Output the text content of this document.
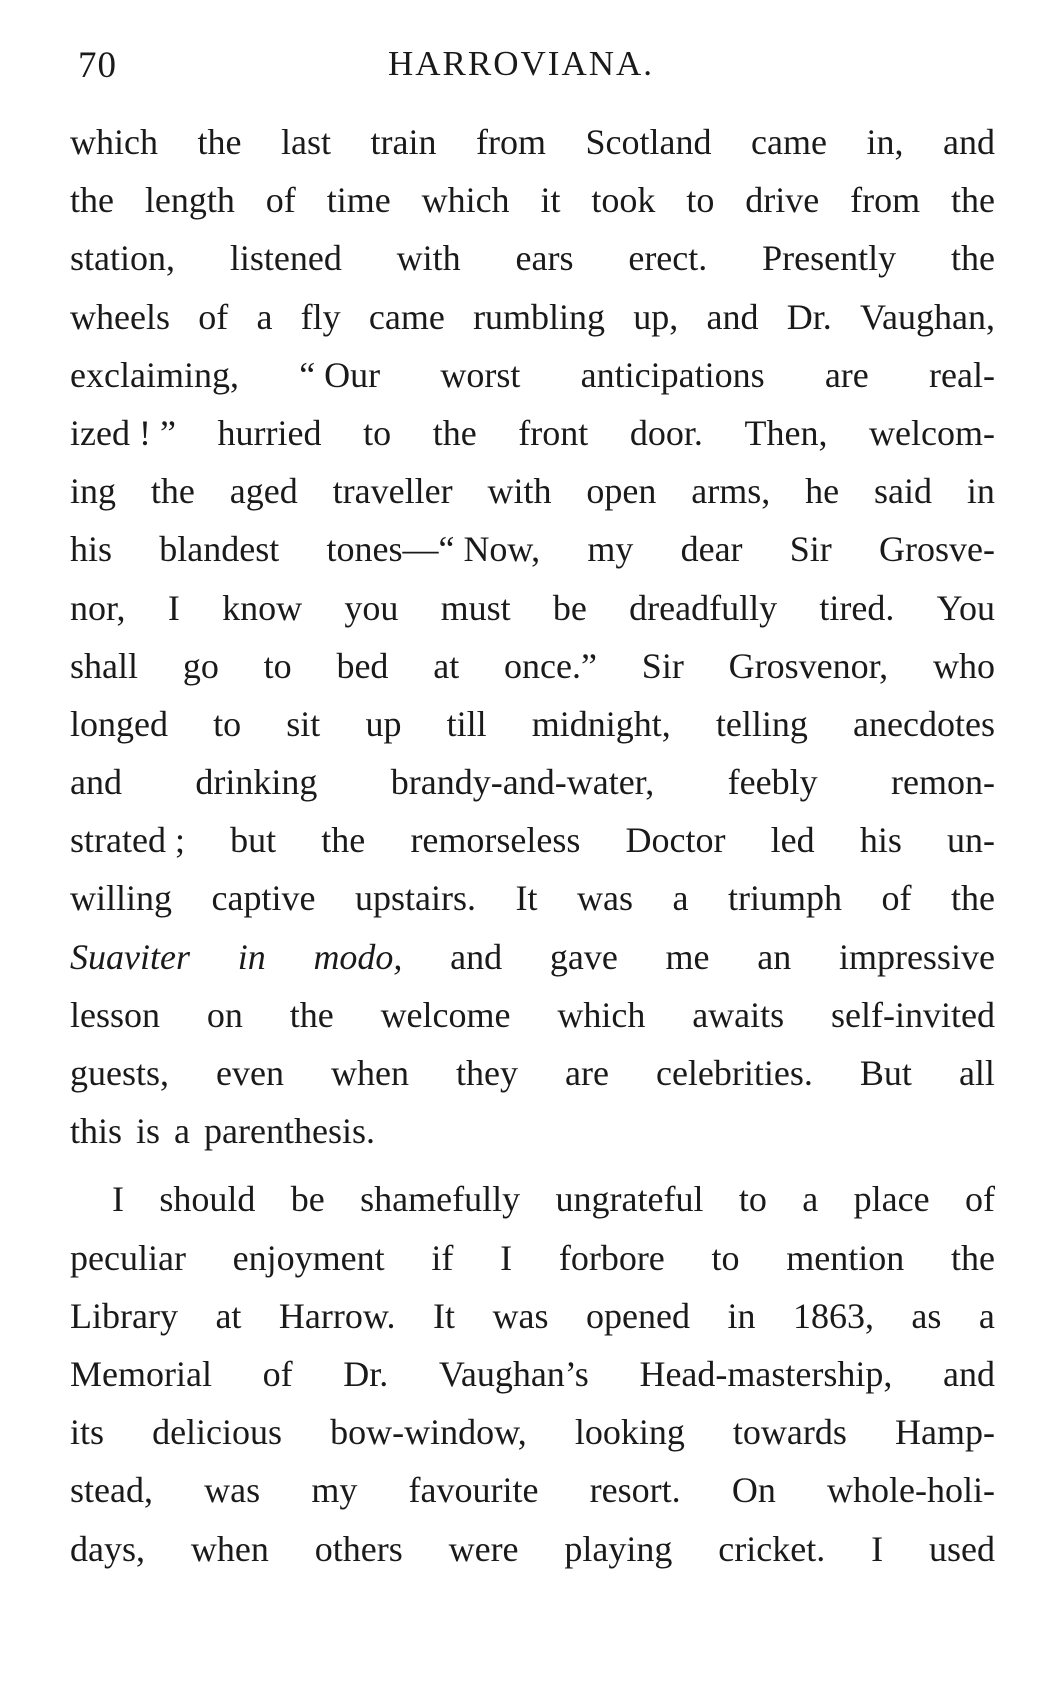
70	HARROVIANA.
which the last train from Scotland came in, and
the length of time which it took to drive from the
station, listened with ears erect. Presently the
wheels of a fly came rumbling up, and Dr. Vaughan,
exclaiming, “ Our worst anticipations are real-
ized ! ” hurried to the front door. Then, welcom-
ing the aged traveller with open arms, he said in
his blandest tones—“ Now, my dear Sir Grosve-
nor, I know you must be dreadfully tired. You
shall go to bed at once.” Sir Grosvenor, who
longed to sit up till midnight, telling anecdotes
and drinking brandy-and-water, feebly remon-
strated ; but the remorseless Doctor led his un-
willing captive upstairs. It was a triumph of the
Suaviter in modo, and gave me an impressive
lesson on the welcome which awaits self-invited
guests, even when they are celebrities. But all
this is a parenthesis.
I should be shamefully ungrateful to a place of
peculiar enjoyment if I forbore to mention the
Library at Harrow. It was opened in 1863, as a
Memorial of Dr. Vaughan’s Head-mastership, and
its delicious bow-window, looking towards Hamp-
stead, was my favourite resort. On whole-holi-
days, when others were playing cricket. I used
